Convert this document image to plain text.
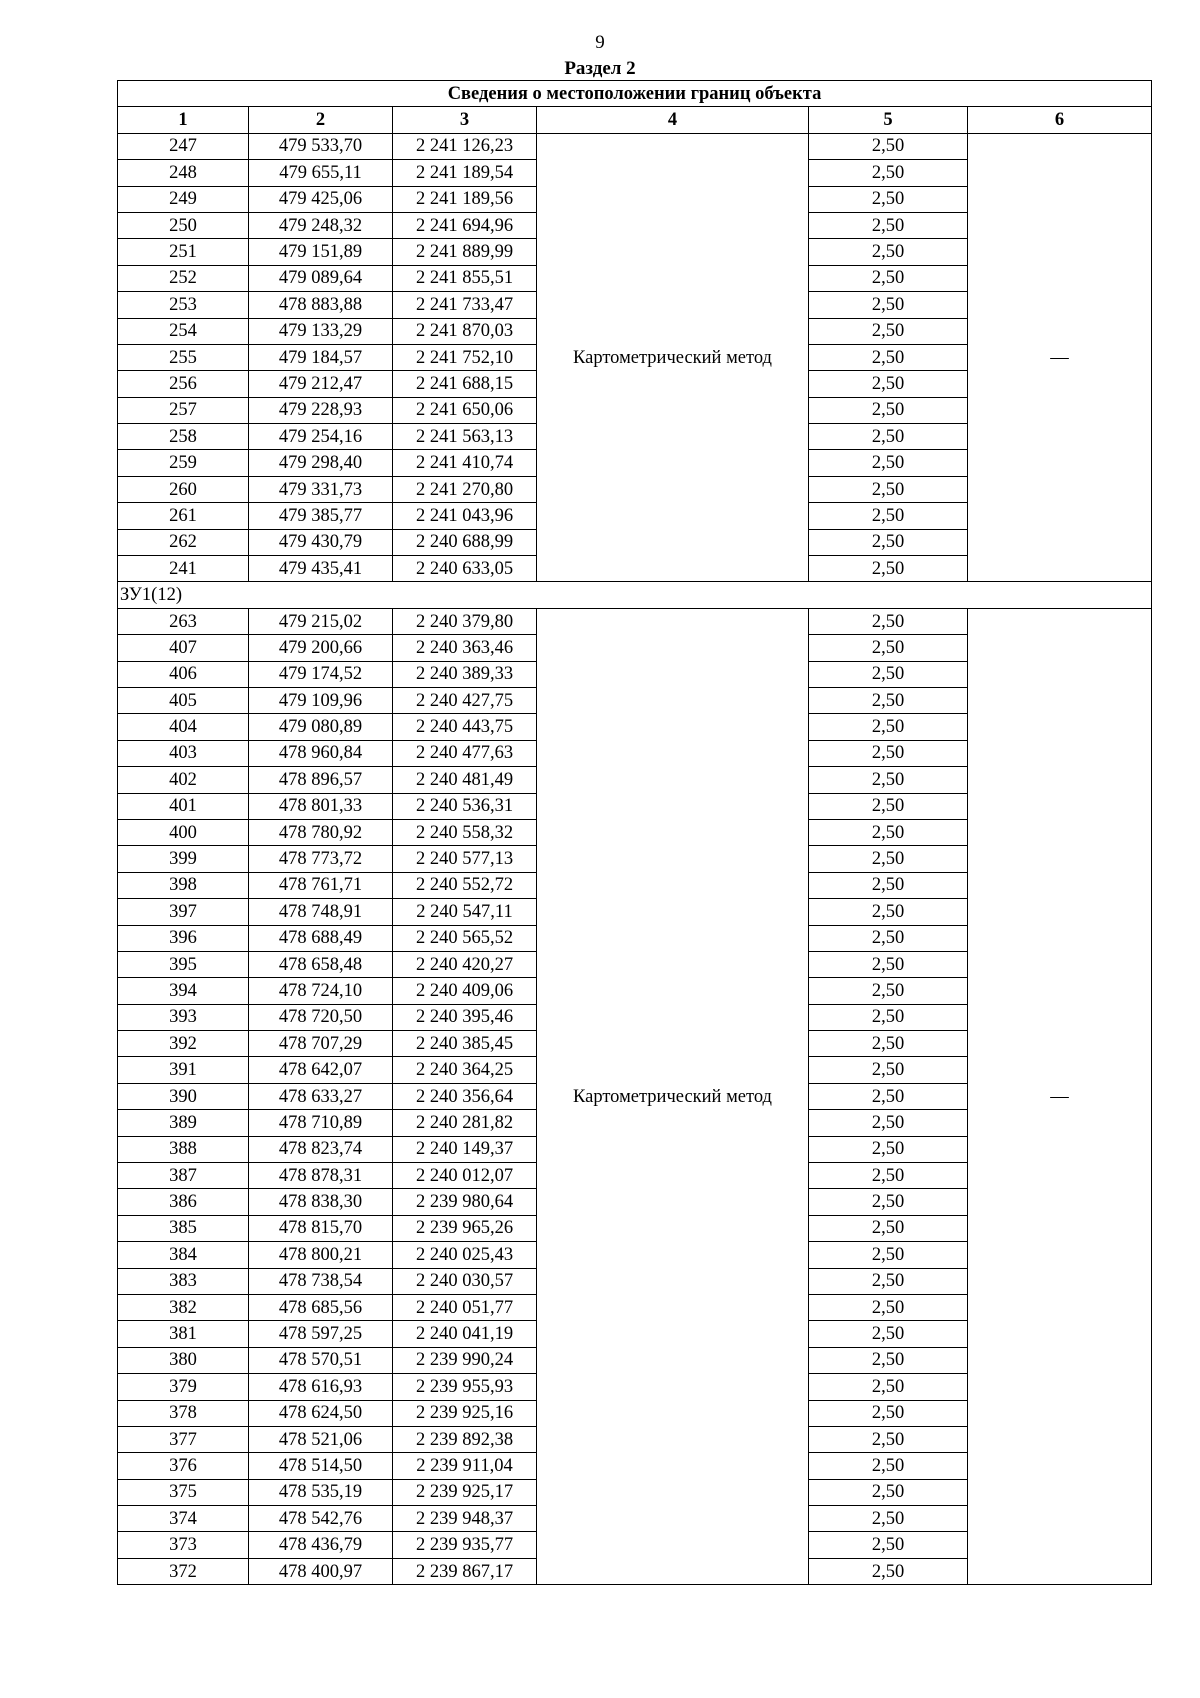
9
Раздел 2
Сведения о местоположении границ объекта					
1	2	3	4	5	6
247	479 533,70	2 241 126,23	Картометрический метод	2,50	—
248	479 655,11	2 241 189,54		2,50	
249	479 425,06	2 241 189,56		2,50	
250	479 248,32	2 241 694,96		2,50	
251	479 151,89	2 241 889,99		2,50	
252	479 089,64	2 241 855,51		2,50	
253	478 883,88	2 241 733,47		2,50	
254	479 133,29	2 241 870,03		2,50	
255	479 184,57	2 241 752,10		2,50	
256	479 212,47	2 241 688,15		2,50	
257	479 228,93	2 241 650,06		2,50	
258	479 254,16	2 241 563,13		2,50	
259	479 298,40	2 241 410,74		2,50	
260	479 331,73	2 241 270,80		2,50	
261	479 385,77	2 241 043,96		2,50	
262	479 430,79	2 240 688,99		2,50	
241	479 435,41	2 240 633,05		2,50	
ЗУ1(12)					
263	479 215,02	2 240 379,80	Картометрический метод	2,50	—
407	479 200,66	2 240 363,46		2,50	
406	479 174,52	2 240 389,33		2,50	
405	479 109,96	2 240 427,75		2,50	
404	479 080,89	2 240 443,75		2,50	
403	478 960,84	2 240 477,63		2,50	
402	478 896,57	2 240 481,49		2,50	
401	478 801,33	2 240 536,31		2,50	
400	478 780,92	2 240 558,32		2,50	
399	478 773,72	2 240 577,13		2,50	
398	478 761,71	2 240 552,72		2,50	
397	478 748,91	2 240 547,11		2,50	
396	478 688,49	2 240 565,52		2,50	
395	478 658,48	2 240 420,27		2,50	
394	478 724,10	2 240 409,06		2,50	
393	478 720,50	2 240 395,46		2,50	
392	478 707,29	2 240 385,45		2,50	
391	478 642,07	2 240 364,25		2,50	
390	478 633,27	2 240 356,64		2,50	
389	478 710,89	2 240 281,82		2,50	
388	478 823,74	2 240 149,37		2,50	
387	478 878,31	2 240 012,07		2,50	
386	478 838,30	2 239 980,64		2,50	
385	478 815,70	2 239 965,26		2,50	
384	478 800,21	2 240 025,43		2,50	
383	478 738,54	2 240 030,57		2,50	
382	478 685,56	2 240 051,77		2,50	
381	478 597,25	2 240 041,19		2,50	
380	478 570,51	2 239 990,24		2,50	
379	478 616,93	2 239 955,93		2,50	
378	478 624,50	2 239 925,16		2,50	
377	478 521,06	2 239 892,38		2,50	
376	478 514,50	2 239 911,04		2,50	
375	478 535,19	2 239 925,17		2,50	
374	478 542,76	2 239 948,37		2,50	
373	478 436,79	2 239 935,77		2,50	
372	478 400,97	2 239 867,17		2,50	
